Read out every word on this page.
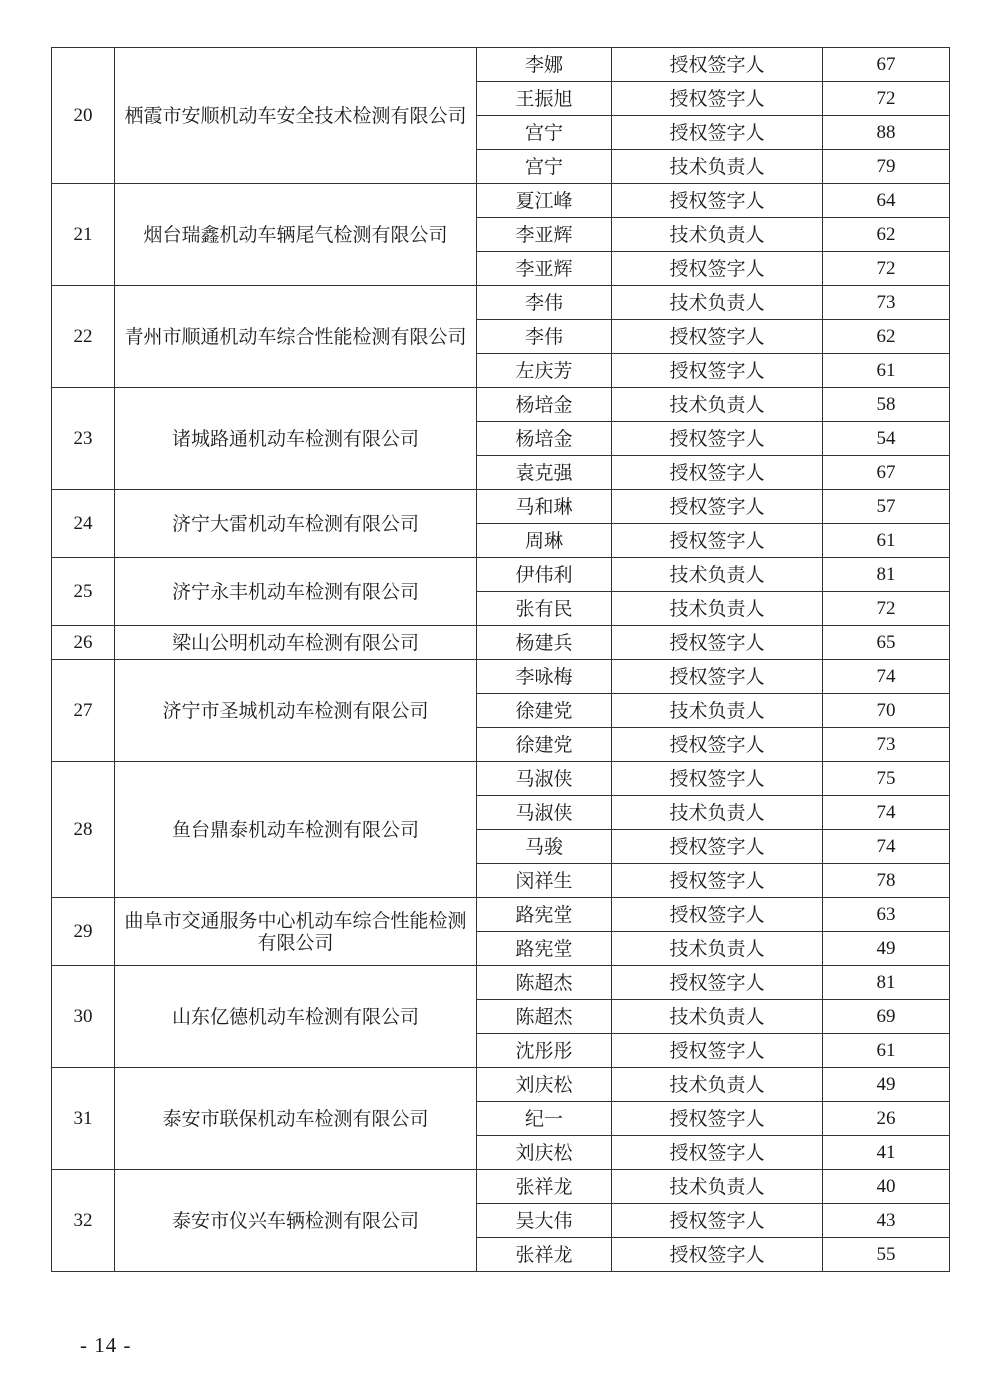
20	栖霞市安顺机动车安全技术检测有限公司	李娜	授权签字人	67
		王振旭	授权签字人	72
		宫宁	授权签字人	88
		宫宁	技术负责人	79
21	烟台瑞鑫机动车辆尾气检测有限公司	夏江峰	授权签字人	64
		李亚辉	技术负责人	62
		李亚辉	授权签字人	72
22	青州市顺通机动车综合性能检测有限公司	李伟	技术负责人	73
		李伟	授权签字人	62
		左庆芳	授权签字人	61
23	诸城路通机动车检测有限公司	杨培金	技术负责人	58
		杨培金	授权签字人	54
		袁克强	授权签字人	67
24	济宁大雷机动车检测有限公司	马和琳	授权签字人	57
		周琳	授权签字人	61
25	济宁永丰机动车检测有限公司	伊伟利	技术负责人	81
		张有民	技术负责人	72
26	梁山公明机动车检测有限公司	杨建兵	授权签字人	65
27	济宁市圣城机动车检测有限公司	李咏梅	授权签字人	74
		徐建党	技术负责人	70
		徐建党	授权签字人	73
28	鱼台鼎泰机动车检测有限公司	马淑侠	授权签字人	75
		马淑侠	技术负责人	74
		马骏	授权签字人	74
		闵祥生	授权签字人	78
29	曲阜市交通服务中心机动车综合性能检测有限公司	路宪堂	授权签字人	63
		路宪堂	技术负责人	49
30	山东亿德机动车检测有限公司	陈超杰	授权签字人	81
		陈超杰	技术负责人	69
		沈彤彤	授权签字人	61
31	泰安市联保机动车检测有限公司	刘庆松	技术负责人	49
		纪一	授权签字人	26
		刘庆松	授权签字人	41
32	泰安市仪兴车辆检测有限公司	张祥龙	技术负责人	40
		吴大伟	授权签字人	43
		张祥龙	授权签字人	55
- 14 -
